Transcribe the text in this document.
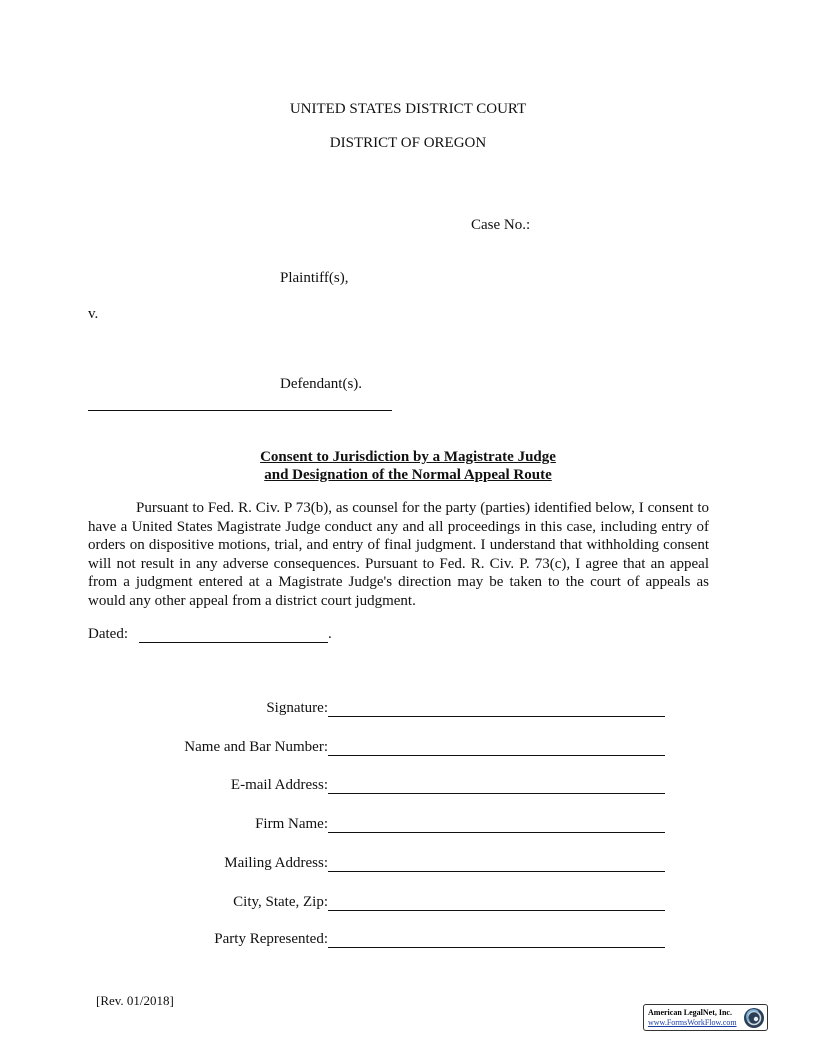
UNITED STATES DISTRICT COURT
DISTRICT OF OREGON
Case No.:
Plaintiff(s),
v.
Defendant(s).
Consent to Jurisdiction by a Magistrate Judge
and Designation of the Normal Appeal Route
Pursuant to Fed. R. Civ. P 73(b), as counsel for the party (parties) identified below, I consent to have a United States Magistrate Judge conduct any and all proceedings in this case, including entry of orders on dispositive motions, trial, and entry of final judgment. I understand that withholding consent will not result in any adverse consequences. Pursuant to Fed. R. Civ. P. 73(c), I agree that an appeal from a judgment entered at a Magistrate Judge's direction may be taken to the court of appeals as would any other appeal from a district court judgment.
Dated:	.
Signature:
Name and Bar Number:
E-mail Address:
Firm Name:
Mailing Address:
City, State, Zip:
Party Represented:
[Rev. 01/2018]
American LegalNet, Inc.
www.FormsWorkFlow.com
